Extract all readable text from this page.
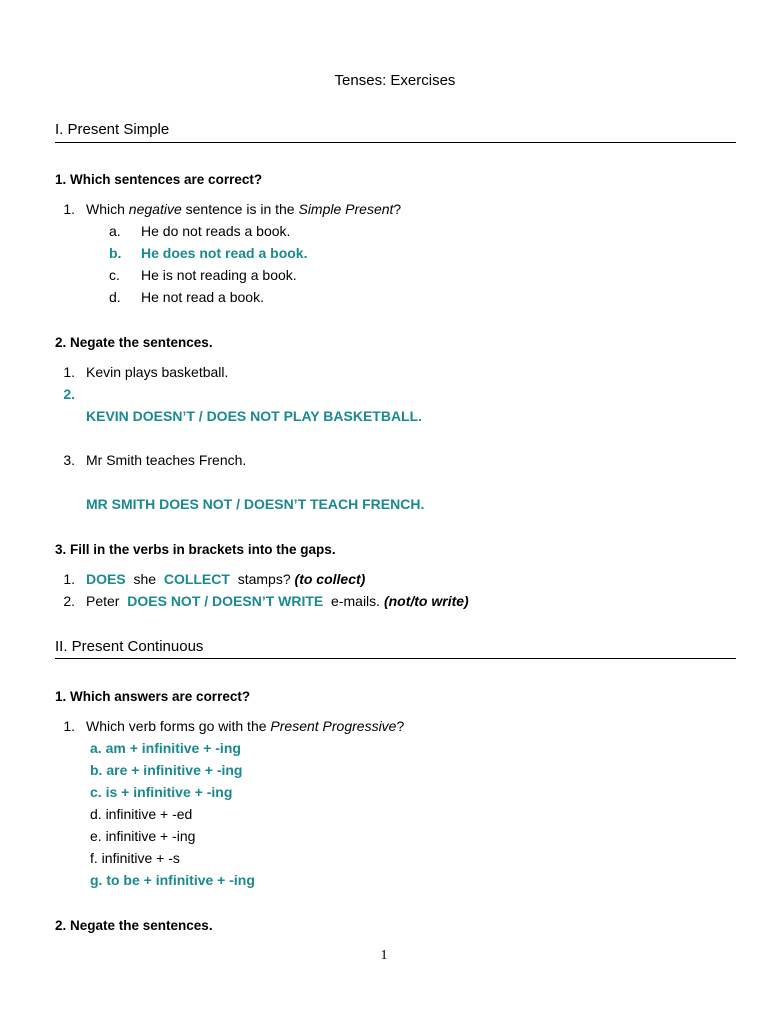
Tenses: Exercises
I. Present Simple
1. Which sentences are correct?
1. Which negative sentence is in the Simple Present?
a. He do not reads a book.
b. He does not read a book.
c. He is not reading a book.
d. He not read a book.
2. Negate the sentences.
1. Kevin plays basketball.
2.
KEVIN DOESN’T / DOES NOT PLAY BASKETBALL.
3. Mr Smith teaches French.
MR SMITH DOES NOT / DOESN’T TEACH FRENCH.
3. Fill in the verbs in brackets into the gaps.
1. DOES she COLLECT stamps? (to collect)
2. Peter DOES NOT / DOESN’T WRITE e-mails. (not/to write)
II. Present Continuous
1. Which answers are correct?
1. Which verb forms go with the Present Progressive?
a. am + infinitive + -ing
b. are + infinitive + -ing
c. is + infinitive + -ing
d. infinitive + -ed
e. infinitive + -ing
f. infinitive + -s
g. to be + infinitive + -ing
2. Negate the sentences.
1
